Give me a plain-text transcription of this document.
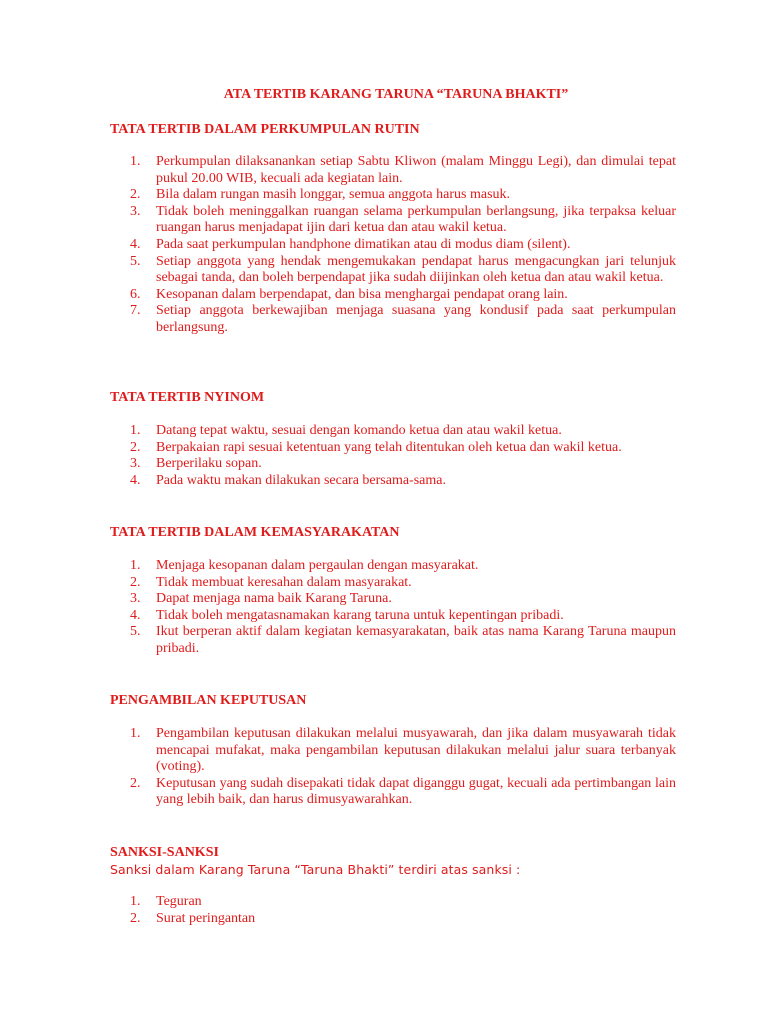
ATA TERTIB KARANG TARUNA “TARUNA BHAKTI”
TATA TERTIB DALAM PERKUMPULAN RUTIN
1. Perkumpulan dilaksanankan setiap Sabtu Kliwon (malam Minggu Legi), dan dimulai tepat pukul 20.00 WIB, kecuali ada kegiatan lain.
2. Bila dalam rungan masih longgar, semua anggota harus masuk.
3. Tidak boleh meninggalkan ruangan selama perkumpulan berlangsung, jika terpaksa keluar ruangan harus menjadapat ijin dari ketua dan atau wakil ketua.
4. Pada saat perkumpulan handphone dimatikan atau di modus diam (silent).
5. Setiap anggota yang hendak mengemukakan pendapat harus mengacungkan jari telunjuk sebagai tanda, dan boleh berpendapat jika sudah diijinkan oleh ketua dan atau wakil ketua.
6. Kesopanan dalam berpendapat, dan bisa menghargai pendapat orang lain.
7. Setiap anggota berkewajiban menjaga suasana yang kondusif pada saat perkumpulan berlangsung.
TATA TERTIB NYINOM
1. Datang tepat waktu, sesuai dengan komando ketua dan atau wakil ketua.
2. Berpakaian rapi sesuai ketentuan yang telah ditentukan oleh ketua dan wakil ketua.
3. Berperilaku sopan.
4. Pada waktu makan dilakukan secara bersama-sama.
TATA TERTIB DALAM KEMASYARAKATAN
1. Menjaga kesopanan dalam pergaulan dengan masyarakat.
2. Tidak membuat keresahan dalam masyarakat.
3. Dapat menjaga nama baik Karang Taruna.
4. Tidak boleh mengatasnamakan karang taruna untuk kepentingan pribadi.
5. Ikut berperan aktif dalam kegiatan kemasyarakatan, baik atas nama Karang Taruna maupun pribadi.
PENGAMBILAN KEPUTUSAN
1. Pengambilan keputusan dilakukan melalui musyawarah, dan jika dalam musyawarah tidak mencapai mufakat, maka pengambilan keputusan dilakukan melalui jalur suara terbanyak (voting).
2. Keputusan yang sudah disepakati tidak dapat diganggu gugat, kecuali ada pertimbangan lain yang lebih baik, dan harus dimusyawarahkan.
SANKSI-SANKSI
Sanksi dalam Karang Taruna “Taruna Bhakti” terdiri atas sanksi :
1. Teguran
2. Surat peringantan
